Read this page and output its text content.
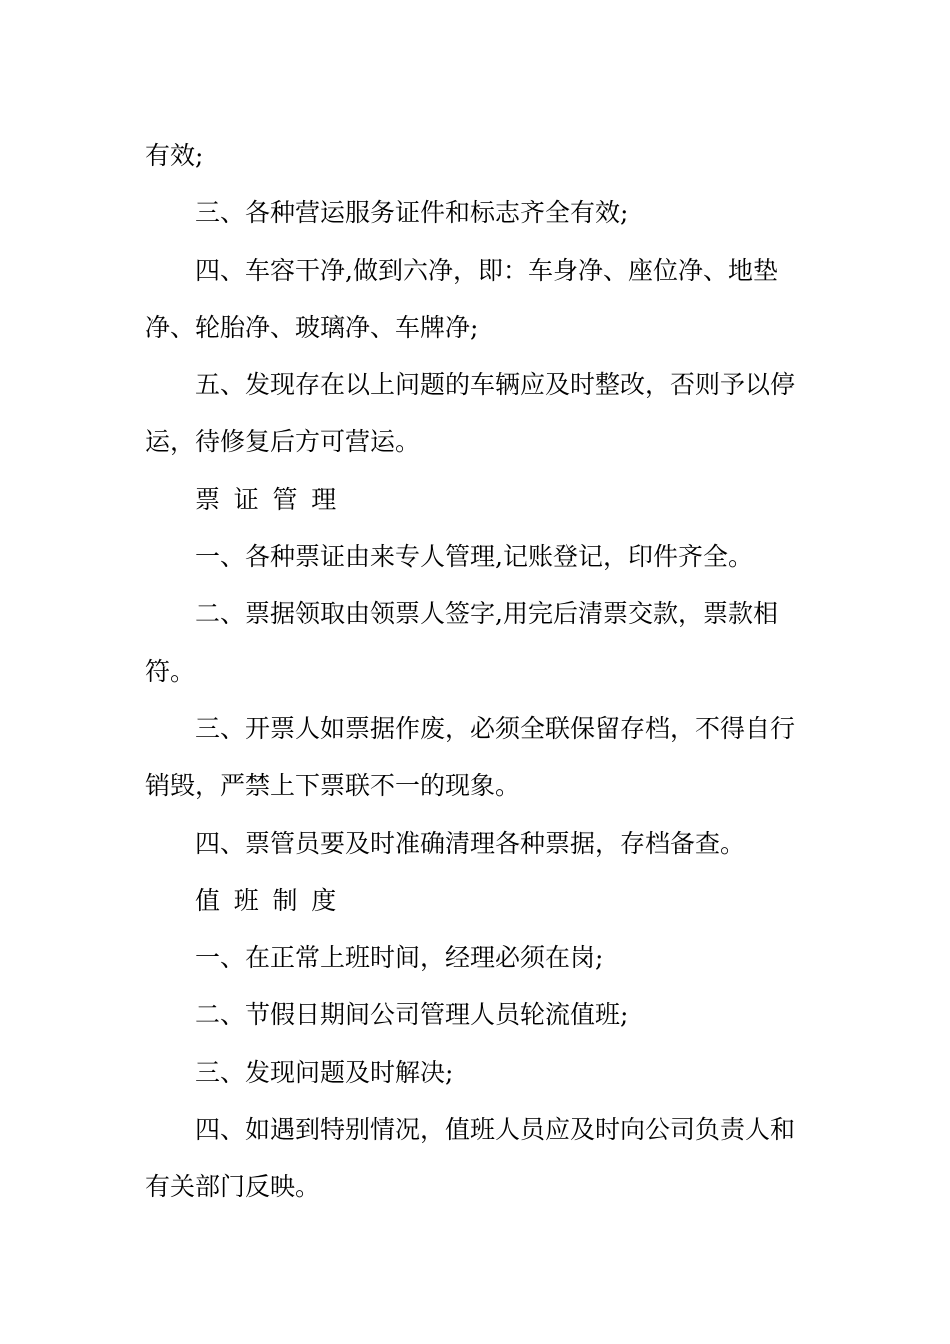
有效;

三、各种营运服务证件和标志齐全有效;

四、车容干净,做到六净，即：车身净、座位净、地垫净、轮胎净、玻璃净、车牌净;

五、发现存在以上问题的车辆应及时整改，否则予以停运，待修复后方可营运。

票证管理

一、各种票证由来专人管理,记账登记，印件齐全。

二、票据领取由领票人签字,用完后清票交款，票款相符。

三、开票人如票据作废，必须全联保留存档，不得自行销毁，严禁上下票联不一的现象。

四、票管员要及时准确清理各种票据，存档备查。

值班制度

一、在正常上班时间，经理必须在岗;

二、节假日期间公司管理人员轮流值班;

三、发现问题及时解决;

四、如遇到特别情况，值班人员应及时向公司负责人和有关部门反映。
